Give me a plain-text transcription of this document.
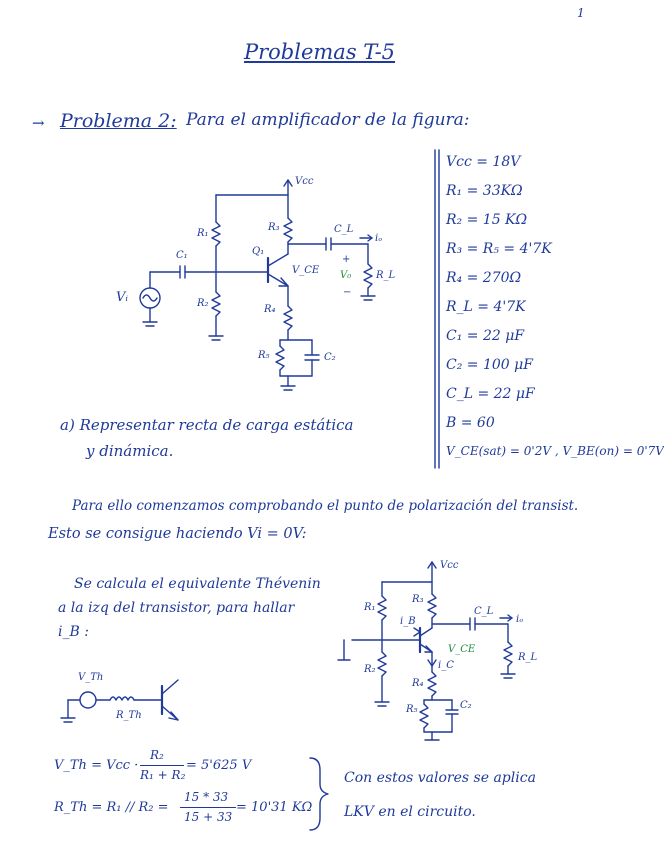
1
Problemas T-5
→ Problema 2: Para el amplificador de la figura:
Vcc
R₁
R₂
R₃
Q₁
C₁
C_L
iₒ
V_CE
+
V₀
−
R_L
R₄
R₅	C₂
Vᵢ
Vcc = 18V
R₁ = 33KΩ
R₂ = 15 KΩ
R₃ = R₅ = 4'7K
R₄ = 270Ω
R_L = 4'7K
C₁ = 22 μF
C₂ = 100 μF
C_L = 22 μF
B = 60
V_CE(sat) = 0'2V , V_BE(on) = 0'7V
a) Representar recta de carga estática
y dinámica.
Para ello comenzamos comprobando el punto de polarización del transist.
Esto se consigue haciendo Vi = 0V:
Se calcula el equivalente Thévenin
a la izq del transistor, para hallar
i_B :
Vcc
R₁
R₃
i_B
C_L
iₒ
V_CE
R_L
i_C
R₂
R₄
R₅	C₂
V_Th
R_Th
V_Th = Vcc ·
R₂
R₁ + R₂
= 5'625 V
R_Th = R₁ // R₂ =
15 * 33
15 + 33
= 10'31 KΩ
Con estos valores se aplica
LKV en el circuito.
